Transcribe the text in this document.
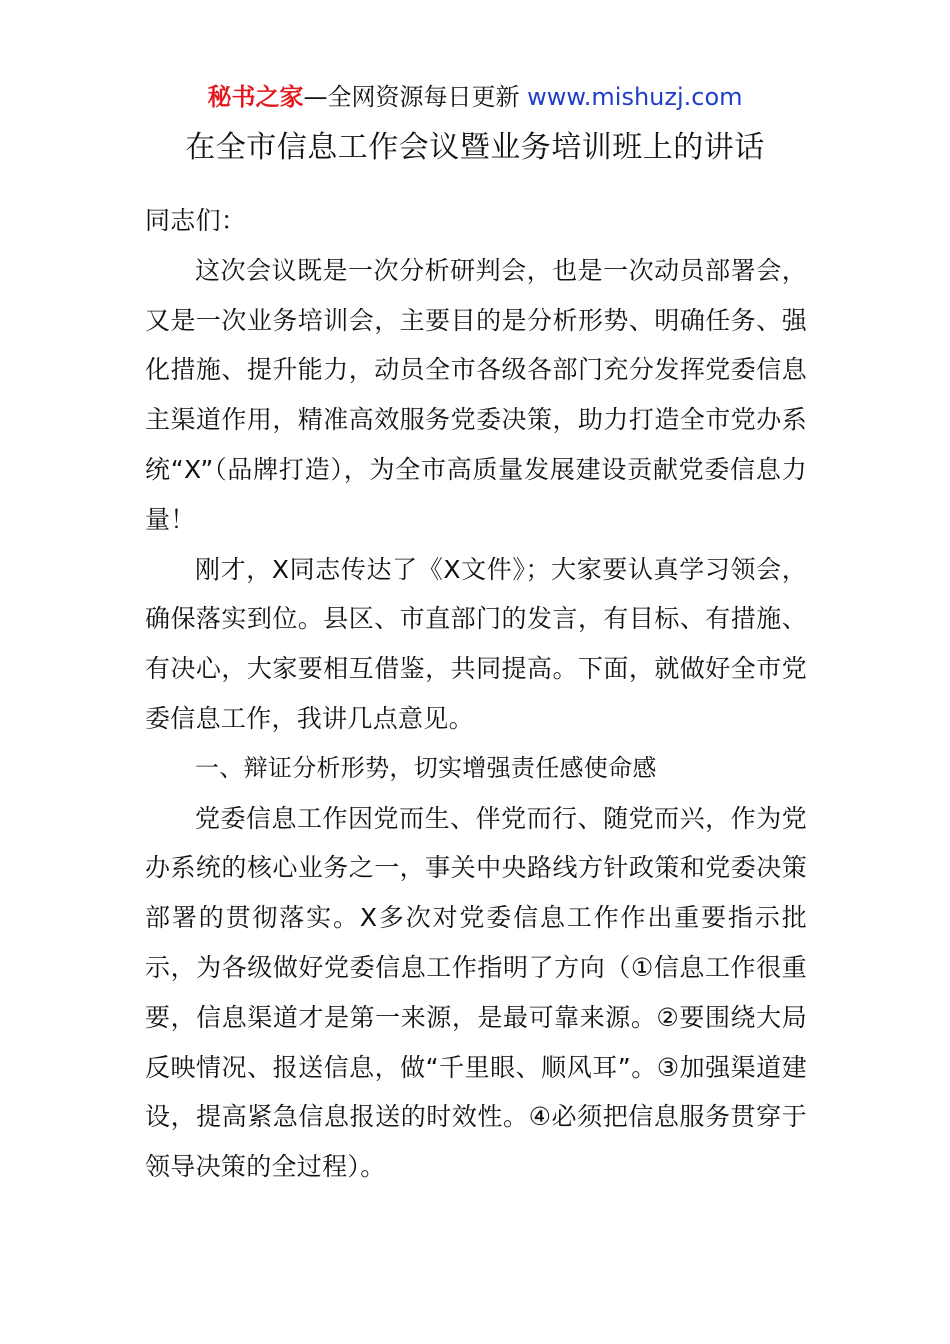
秘书之家—全网资源每日更新 www.mishuzj.com
在全市信息工作会议暨业务培训班上的讲话

同志们：

这次会议既是一次分析研判会，也是一次动员部署会，又是一次业务培训会，主要目的是分析形势、明确任务、强化措施、提升能力，动员全市各级各部门充分发挥党委信息主渠道作用，精准高效服务党委决策，助力打造全市党办系统“X”（品牌打造），为全市高质量发展建设贡献党委信息力量！

刚才，X同志传达了《X文件》；大家要认真学习领会，确保落实到位。县区、市直部门的发言，有目标、有措施、有决心，大家要相互借鉴，共同提高。下面，就做好全市党委信息工作，我讲几点意见。

一、辩证分析形势，切实增强责任感使命感

党委信息工作因党而生、伴党而行、随党而兴，作为党办系统的核心业务之一，事关中央路线方针政策和党委决策部署的贯彻落实。X多次对党委信息工作作出重要指示批示，为各级做好党委信息工作指明了方向（①信息工作很重要，信息渠道才是第一来源，是最可靠来源。②要围绕大局反映情况、报送信息，做“千里眼、顺风耳”。③加强渠道建设，提高紧急信息报送的时效性。④必须把信息服务贯穿于领导决策的全过程）。
